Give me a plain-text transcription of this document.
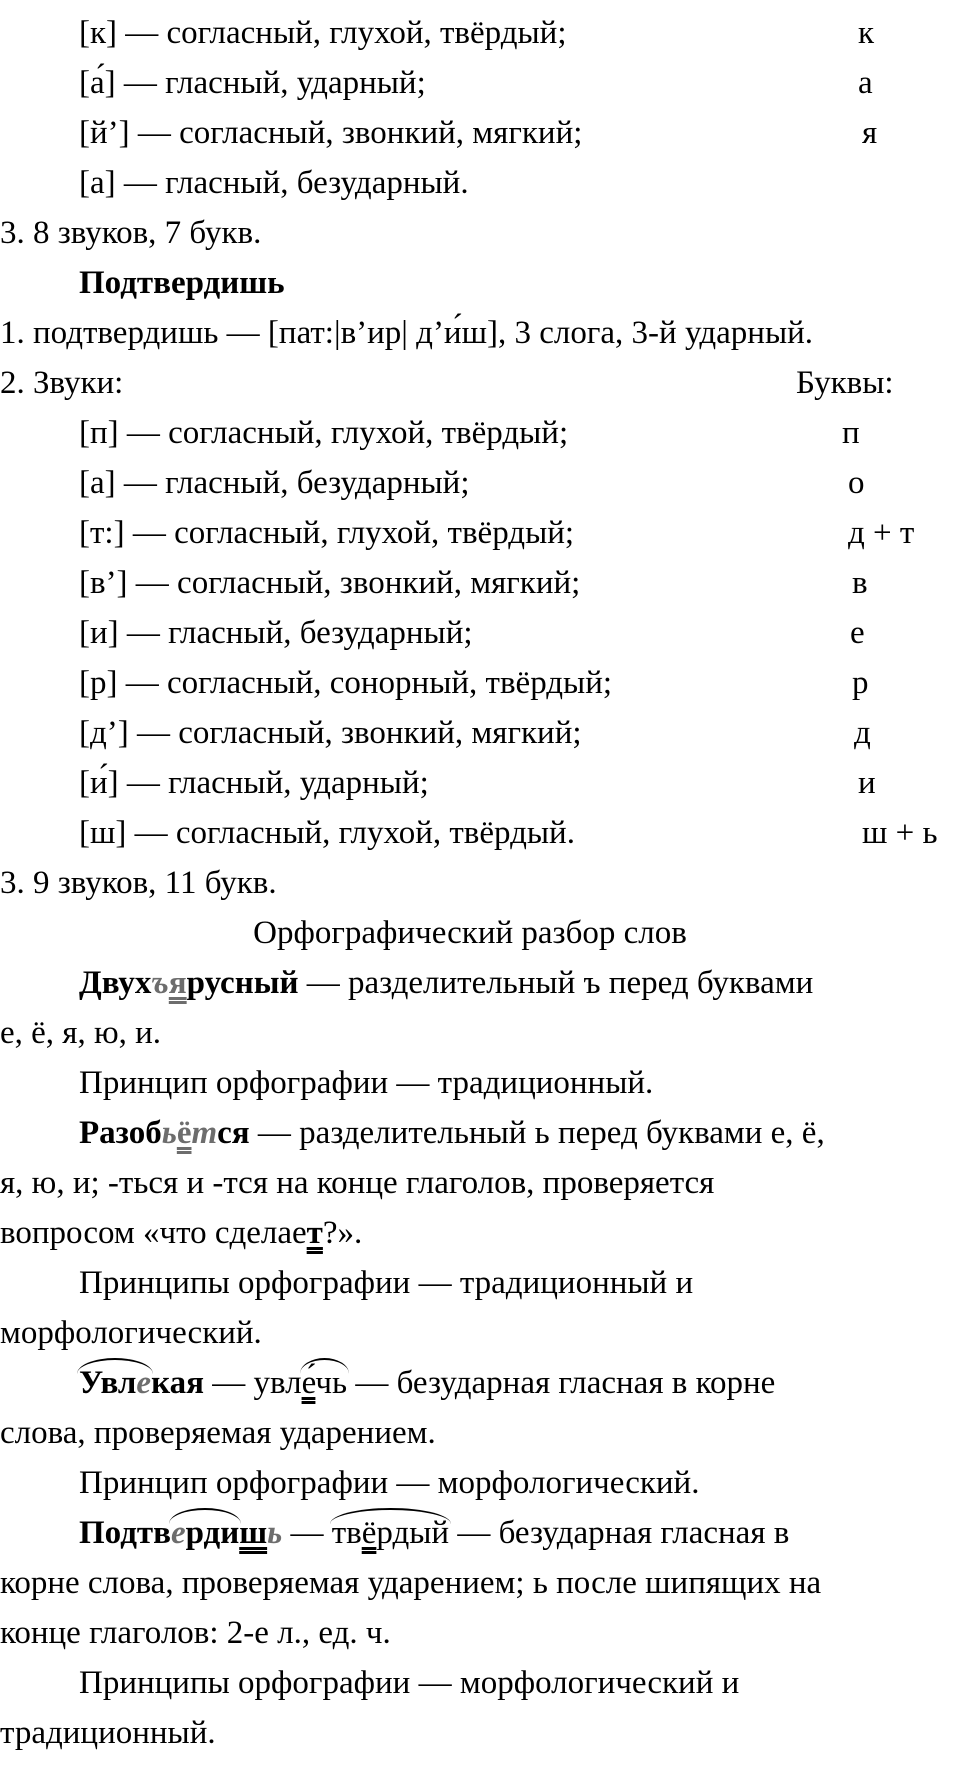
[к] — согласный, глухой, твёрдый;	к
[а́] — гласный, ударный;	а
[й’] — согласный, звонкий, мягкий;	я
[а] — гласный, безударный.
3. 8 звуков, 7 букв.
Подтвердишь
1. подтвердишь — [пат:|в’ир| д’и́ш], 3 слога, 3-й ударный.
2. Звуки:	Буквы:
[п] — согласный, глухой, твёрдый;	п
[а] — гласный, безударный;	о
[т:] — согласный, глухой, твёрдый;	д + т
[в’] — согласный, звонкий, мягкий;	в
[и] — гласный, безударный;	е
[р] — согласный, сонорный, твёрдый;	р
[д’] — согласный, звонкий, мягкий;	д
[и́] — гласный, ударный;	и
[ш] — согласный, глухой, твёрдый.	ш + ь
3. 9 звуков, 11 букв.
Орфографический разбор слов
Двухъярусный — разделительный ъ перед буквами
е, ё, я, ю, и.
Принцип орфографии — традиционный.
Разобьётся — разделительный ь перед буквами е, ё,
я, ю, и; -ться и -тся на конце глаголов, проверяется
вопросом «что сделает?».
Принципы орфографии — традиционный и
морфологический.
Увлекая — увле́чь — безударная гласная в корне
слова, проверяемая ударением.
Принцип орфографии — морфологический.
Подтвердишь — твёрдый — безударная гласная в
корне слова, проверяемая ударением; ь после шипящих на
конце глаголов: 2-е л., ед. ч.
Принципы орфографии — морфологический и
традиционный.
